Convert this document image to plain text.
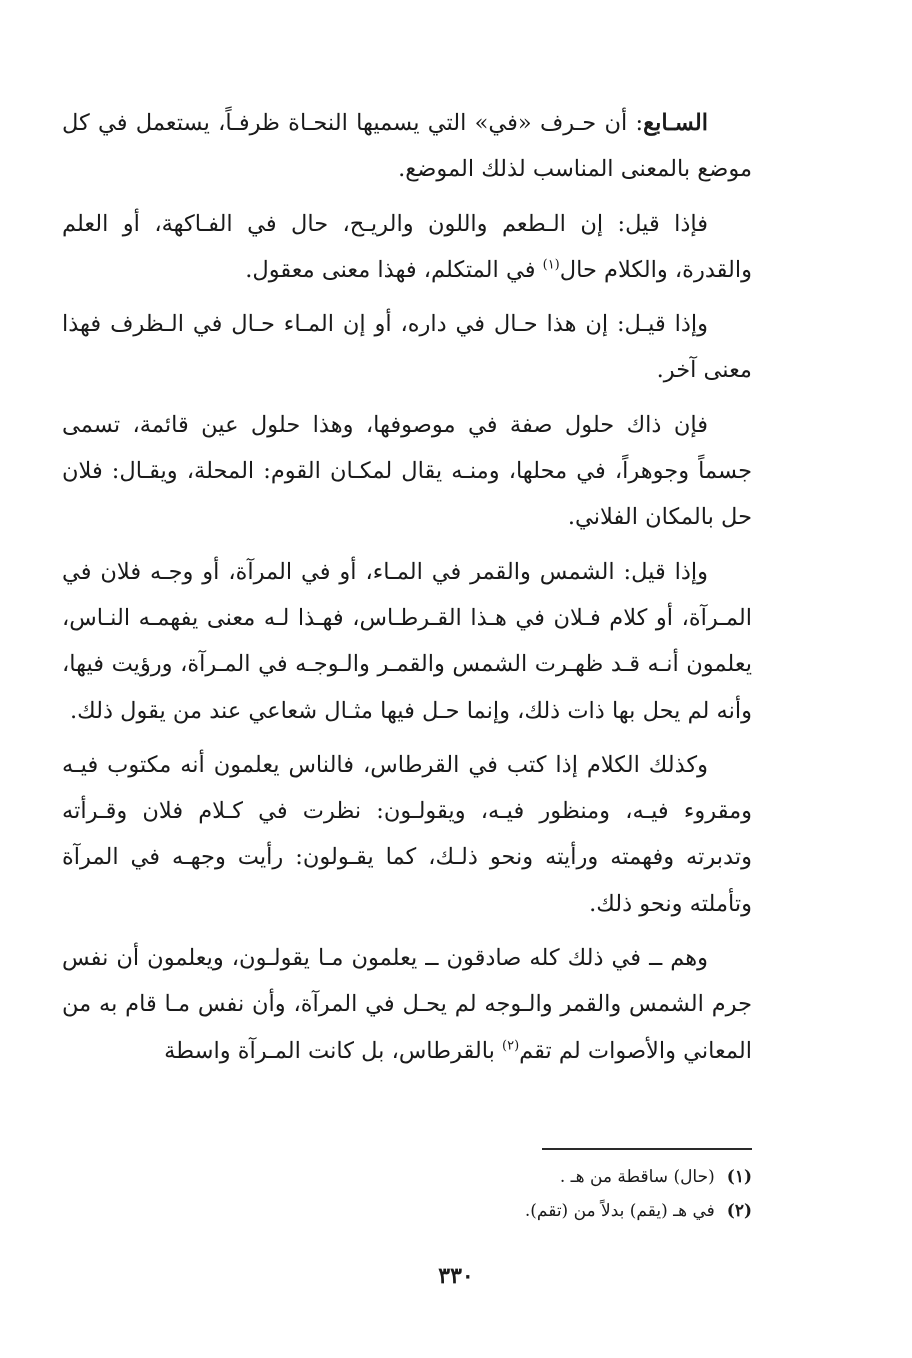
السـابع: أن حـرف «في» التي يسميها النحـاة ظرفـاً، يستعمل في كل موضع بالمعنى المناسب لذلك الموضع.

فإذا قيل: إن الـطعم واللون والريـح، حال في الفـاكهة، أو العلم والقدرة، والكلام حال$^{(١)}$ في المتكلم، فهذا معنى معقول.

وإذا قيـل: إن هذا حـال في داره، أو إن المـاء حـال في الـظرف فهذا معنى آخر.

فإن ذاك حلول صفة في موصوفها، وهذا حلول عين قائمة، تسمى جسماً وجوهراً، في محلها، ومنـه يقال لمكـان القوم: المحلة، ويقـال: فلان حل بالمكان الفلاني.

وإذا قيل: الشمس والقمر في المـاء، أو في المرآة، أو وجـه فلان في المـرآة، أو كلام فـلان في هـذا القـرطـاس، فهـذا لـه معنى يفهمـه النـاس، يعلمون أنـه قـد ظهـرت الشمس والقمـر والـوجـه في المـرآة، ورؤيت فيها، وأنه لم يحل بها ذات ذلك، وإنما حـل فيها مثـال شعاعي عند من يقول ذلك.

وكذلك الكلام إذا كتب في القرطاس، فالناس يعلمون أنه مكتوب فيـه ومقروء فيـه، ومنظور فيـه، ويقولـون: نظرت في كـلام فلان وقـرأته وتدبرته وفهمته ورأيته ونحو ذلـك، كما يقـولون: رأيت وجهـه في المرآة وتأملته ونحو ذلك.

وهم ــ في ذلك كله صادقون ــ يعلمون مـا يقولـون، ويعلمون أن نفس جرم الشمس والقمر والـوجه لم يحـل في المرآة، وأن نفس مـا قام به من المعاني والأصوات لم تقم$^{(٢)}$ بالقرطاس، بل كانت المـرآة واسطة

(١)(حال) ساقطة من هـ .
(٢)في هـ (يقم) بدلاً من (تقم).
٣٣٠
